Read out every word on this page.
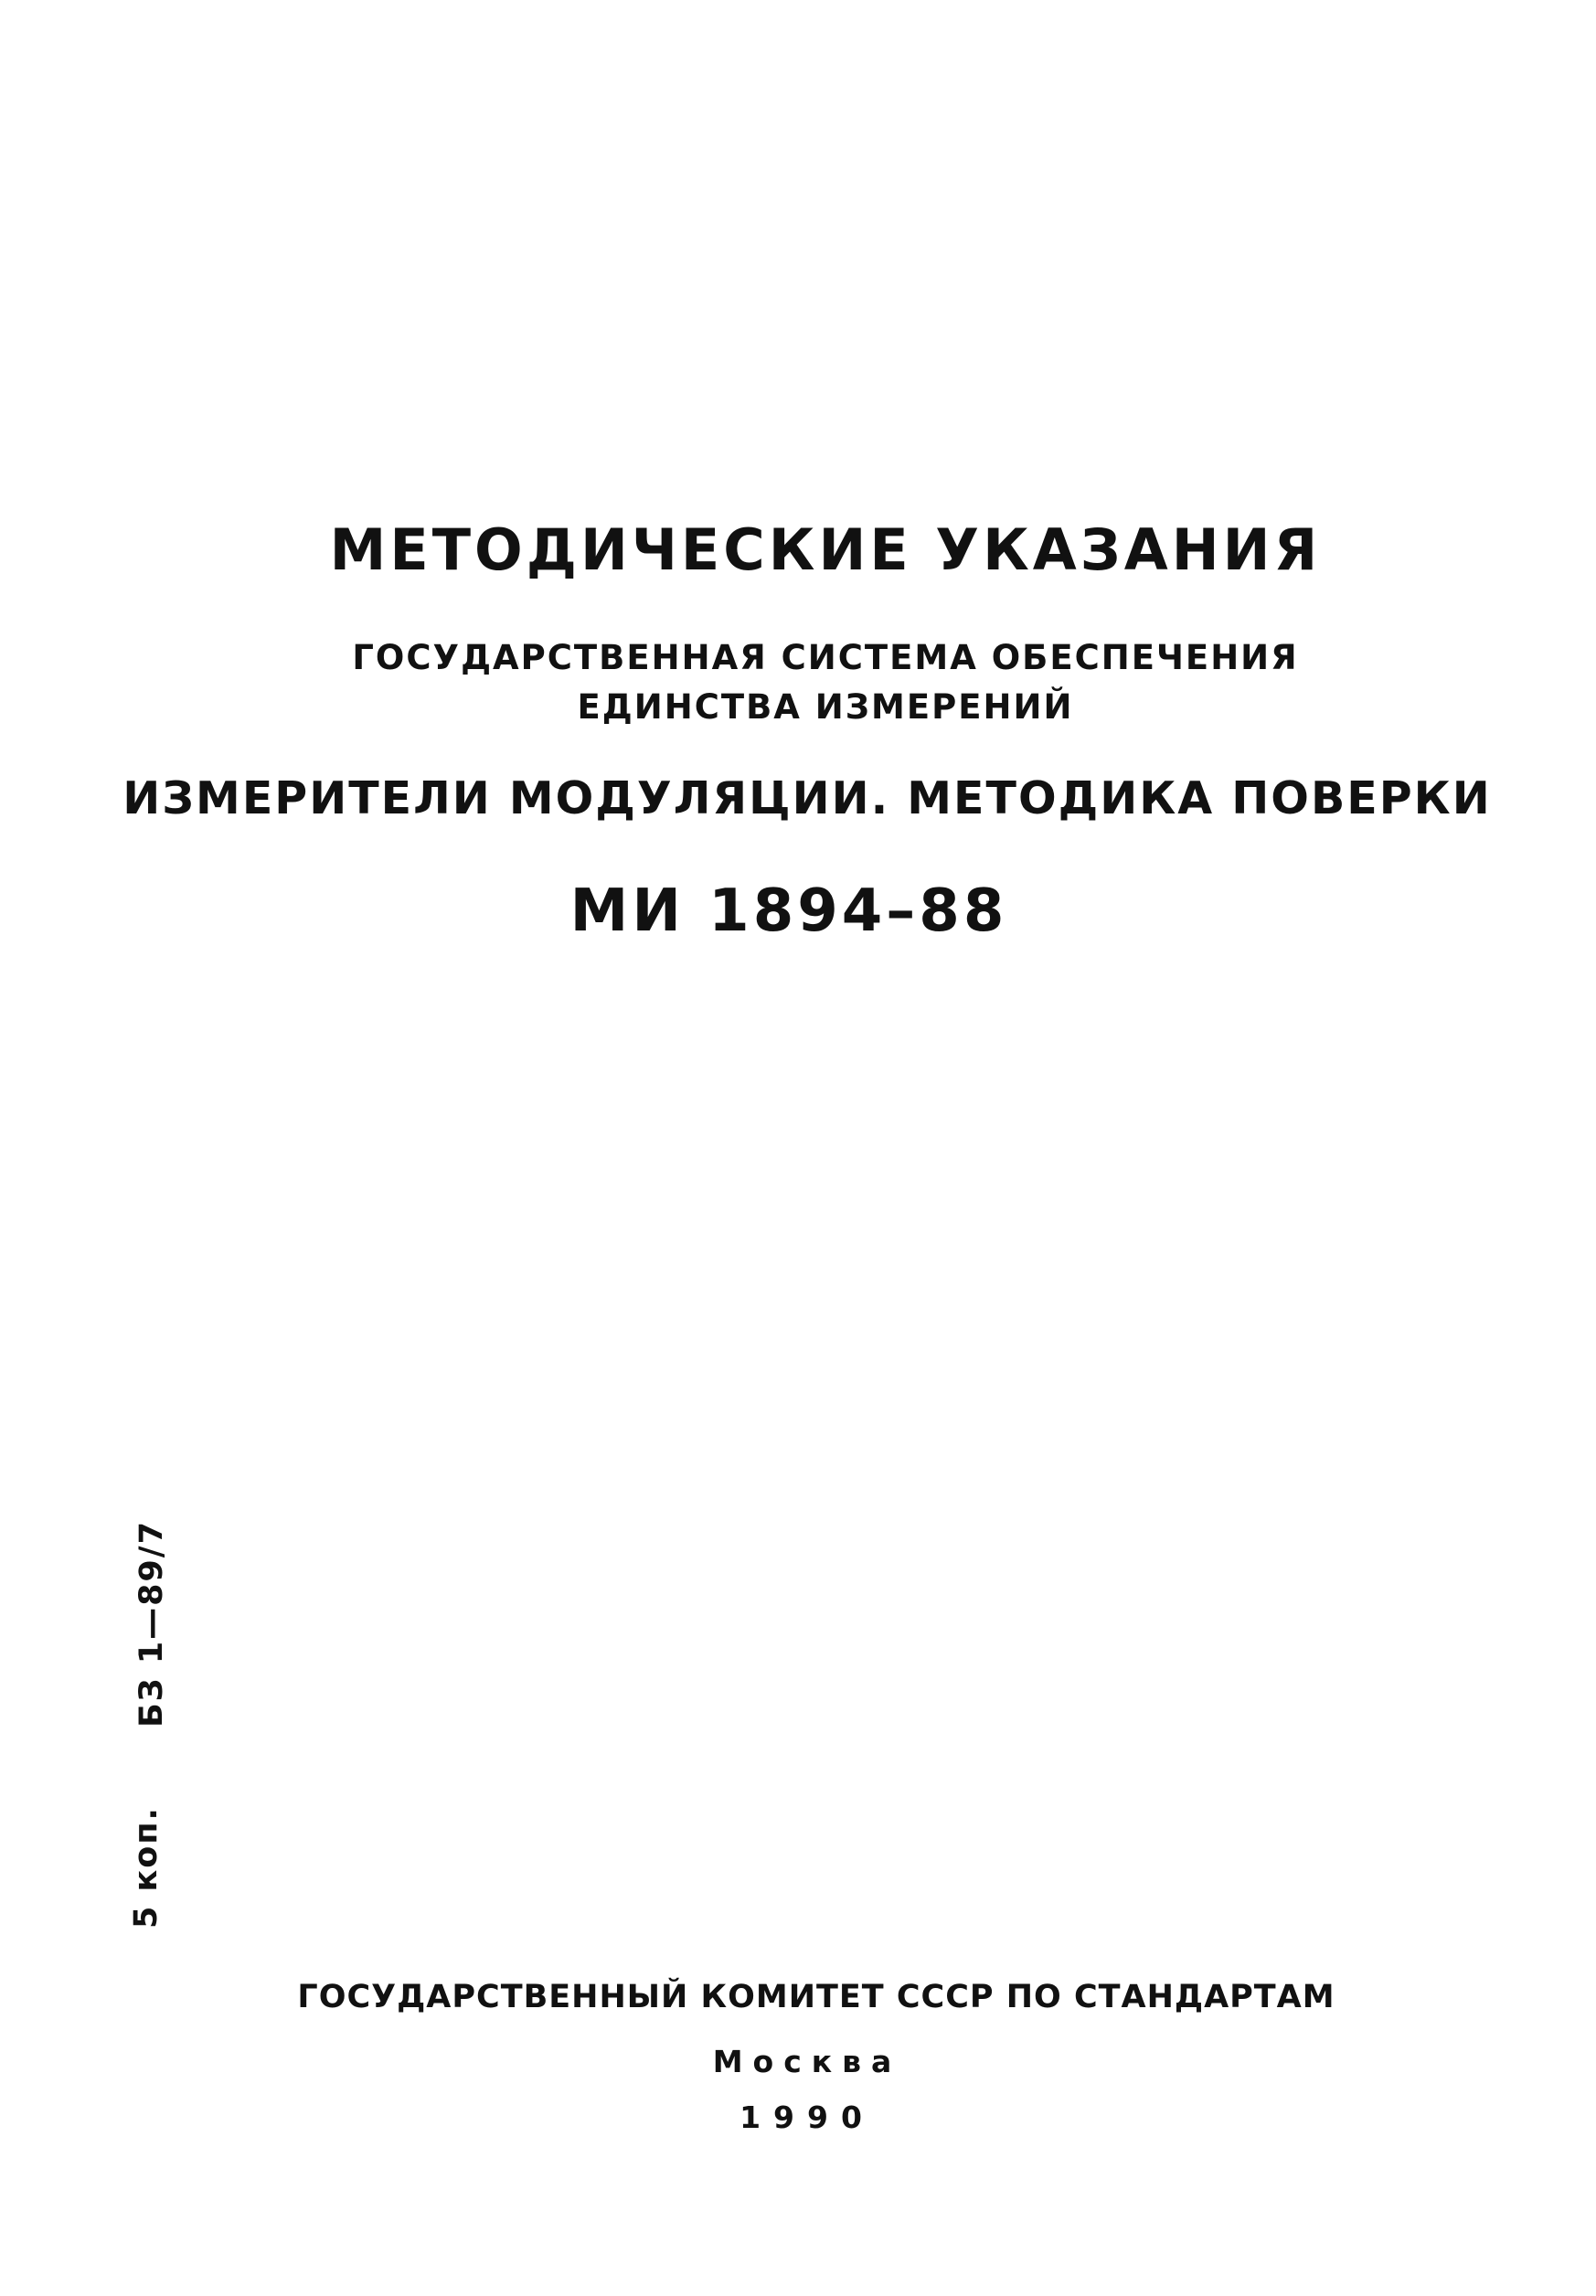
МЕТОДИЧЕСКИЕ УКАЗАНИЯ
ГОСУДАРСТВЕННАЯ СИСТЕМА ОБЕСПЕЧЕНИЯ
ЕДИНСТВА ИЗМЕРЕНИЙ
ИЗМЕРИТЕЛИ МОДУЛЯЦИИ. МЕТОДИКА ПОВЕРКИ
МИ 1894–88
5 коп.
БЗ 1—89/7
ГОСУДАРСТВЕННЫЙ КОМИТЕТ СССР ПО СТАНДАРТАМ
Москва
1990
